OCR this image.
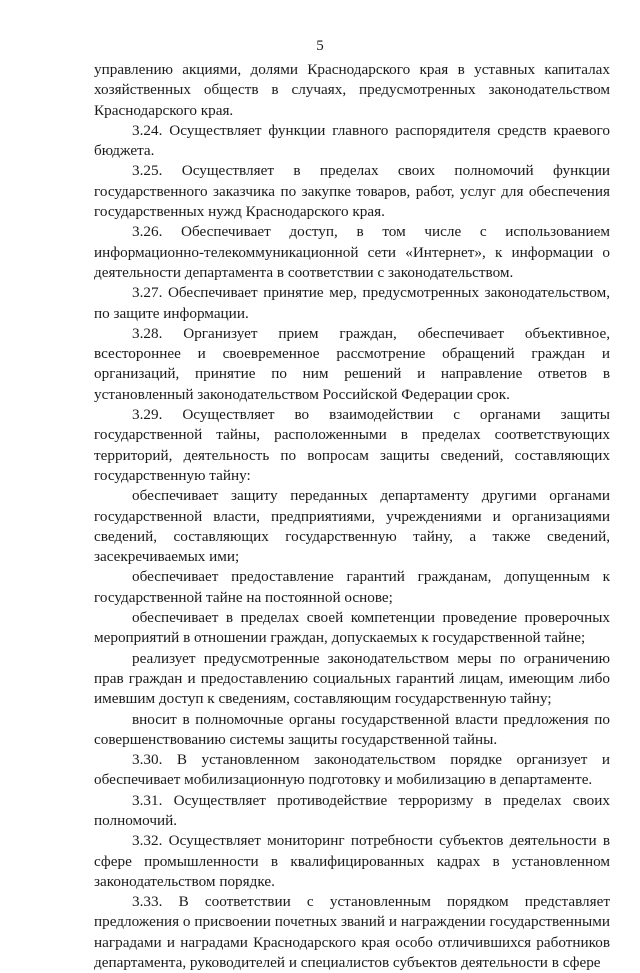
5

управлению акциями, долями Краснодарского края в уставных капиталах хозяйственных обществ в случаях, предусмотренных законодательством Краснодарского края.

3.24. Осуществляет функции главного распорядителя средств краевого бюджета.

3.25. Осуществляет в пределах своих полномочий функции государственного заказчика по закупке товаров, работ, услуг для обеспечения государственных нужд Краснодарского края.

3.26. Обеспечивает доступ, в том числе с использованием информационно-телекоммуникационной сети «Интернет», к информации о деятельности департамента в соответствии с законодательством.

3.27. Обеспечивает принятие мер, предусмотренных законодательством, по защите информации.

3.28. Организует прием граждан, обеспечивает объективное, всестороннее и своевременное рассмотрение обращений граждан и организаций, принятие по ним решений и направление ответов в установленный законодательством Российской Федерации срок.

3.29. Осуществляет во взаимодействии с органами защиты государственной тайны, расположенными в пределах соответствующих территорий, деятельность по вопросам защиты сведений, составляющих государственную тайну:

обеспечивает защиту переданных департаменту другими органами государственной власти, предприятиями, учреждениями и организациями сведений, составляющих государственную тайну, а также сведений, засекречиваемых ими;

обеспечивает предоставление гарантий гражданам, допущенным к государственной тайне на постоянной основе;

обеспечивает в пределах своей компетенции проведение проверочных мероприятий в отношении граждан, допускаемых к государственной тайне;

реализует предусмотренные законодательством меры по ограничению прав граждан и предоставлению социальных гарантий лицам, имеющим либо имевшим доступ к сведениям, составляющим государственную тайну;

вносит в полномочные органы государственной власти предложения по совершенствованию системы защиты государственной тайны.

3.30. В установленном законодательством порядке организует и обеспечивает мобилизационную подготовку и мобилизацию в департаменте.

3.31. Осуществляет противодействие терроризму в пределах своих полномочий.

3.32. Осуществляет мониторинг потребности субъектов деятельности в сфере промышленности в квалифицированных кадрах в установленном законодательством порядке.

3.33. В соответствии с установленным порядком представляет предложения о присвоении почетных званий и награждении государственными наградами и наградами Краснодарского края особо отличившихся работников департамента, руководителей и специалистов субъектов деятельности в сфере
